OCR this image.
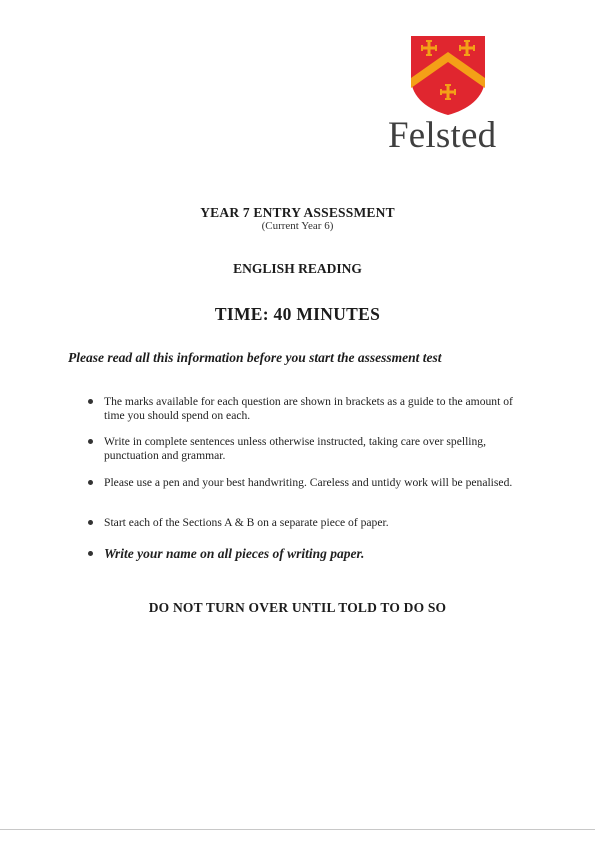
Felsted
YEAR 7 ENTRY ASSESSMENT
(Current Year 6)
ENGLISH READING
TIME: 40 MINUTES
Please read all this information before you start the assessment test
The marks available for each question are shown in brackets as a guide to the amount of time you should spend on each.
Write in complete sentences unless otherwise instructed, taking care over spelling, punctuation and grammar.
Please use a pen and your best handwriting. Careless and untidy work will be penalised.
Start each of the Sections A & B on a separate piece of paper.
Write your name on all pieces of writing paper.
DO NOT TURN OVER UNTIL TOLD TO DO SO
